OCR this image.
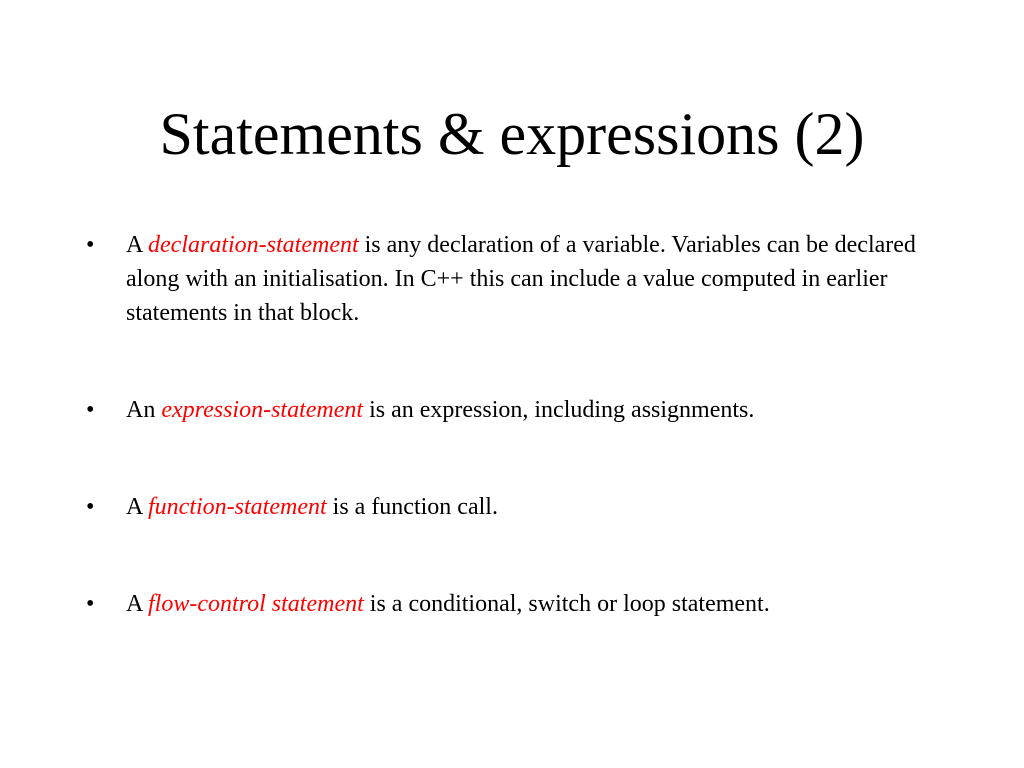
Statements & expressions (2)
• A declaration-statement is any declaration of a variable. Variables can be declared along with an initialisation. In C++ this can include a value computed in earlier statements in that block.
• An expression-statement is an expression, including assignments.
• A function-statement is a function call.
• A flow-control statement is a conditional, switch or loop statement.
